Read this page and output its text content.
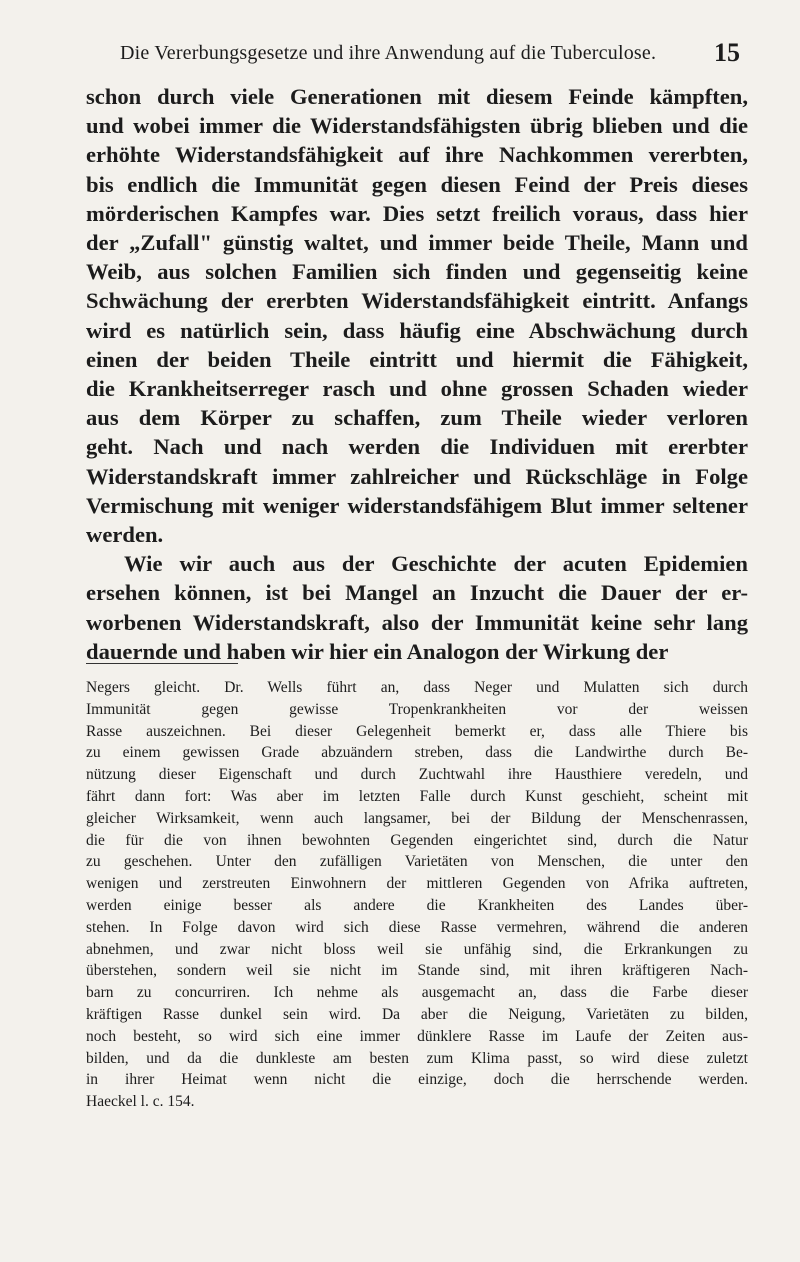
Die Vererbungsgesetze und ihre Anwendung auf die Tuberculose. 15

schon durch viele Generationen mit diesem Feinde kämpften,
und wobei immer die Widerstandsfähigsten übrig blieben und die
erhöhte Widerstandsfähigkeit auf ihre Nachkommen vererbten,
bis endlich die Immunität gegen diesen Feind der Preis dieses
mörderischen Kampfes war. Dies setzt freilich voraus, dass hier
der „Zufall" günstig waltet, und immer beide Theile, Mann und
Weib, aus solchen Familien sich finden und gegenseitig keine
Schwächung der ererbten Widerstandsfähigkeit eintritt. Anfangs
wird es natürlich sein, dass häufig eine Abschwächung durch
einen der beiden Theile eintritt und hiermit die Fähigkeit,
die Krankheitserreger rasch und ohne grossen Schaden wieder
aus dem Körper zu schaffen, zum Theile wieder verloren
geht. Nach und nach werden die Individuen mit ererbter
Widerstandskraft immer zahlreicher und Rückschläge in Folge
Vermischung mit weniger widerstandsfähigem Blut immer seltener
werden.

Wie wir auch aus der Geschichte der acuten Epidemien
ersehen können, ist bei Mangel an Inzucht die Dauer der er-
worbenen Widerstandskraft, also der Immunität keine sehr lang
dauernde und haben wir hier ein Analogon der Wirkung der

Negers gleicht. Dr. Wells führt an, dass Neger und Mulatten sich durch
Immunität gegen gewisse Tropenkrankheiten vor der weissen
Rasse auszeichnen. Bei dieser Gelegenheit bemerkt er, dass alle Thiere bis
zu einem gewissen Grade abzuändern streben, dass die Landwirthe durch Be-
nützung dieser Eigenschaft und durch Zuchtwahl ihre Hausthiere veredeln, und
fährt dann fort: Was aber im letzten Falle durch Kunst geschieht, scheint mit
gleicher Wirksamkeit, wenn auch langsamer, bei der Bildung der Menschenrassen,
die für die von ihnen bewohnten Gegenden eingerichtet sind, durch die Natur
zu geschehen. Unter den zufälligen Varietäten von Menschen, die unter den
wenigen und zerstreuten Einwohnern der mittleren Gegenden von Afrika auftreten,
werden einige besser als andere die Krankheiten des Landes über-
stehen. In Folge davon wird sich diese Rasse vermehren, während die anderen
abnehmen, und zwar nicht bloss weil sie unfähig sind, die Erkrankungen zu
überstehen, sondern weil sie nicht im Stande sind, mit ihren kräftigeren Nach-
barn zu concurriren. Ich nehme als ausgemacht an, dass die Farbe dieser
kräftigen Rasse dunkel sein wird. Da aber die Neigung, Varietäten zu bilden,
noch besteht, so wird sich eine immer dünklere Rasse im Laufe der Zeiten aus-
bilden, und da die dunkleste am besten zum Klima passt, so wird diese zuletzt
in ihrer Heimat wenn nicht die einzige, doch die herrschende werden.
Haeckel l. c. 154.
